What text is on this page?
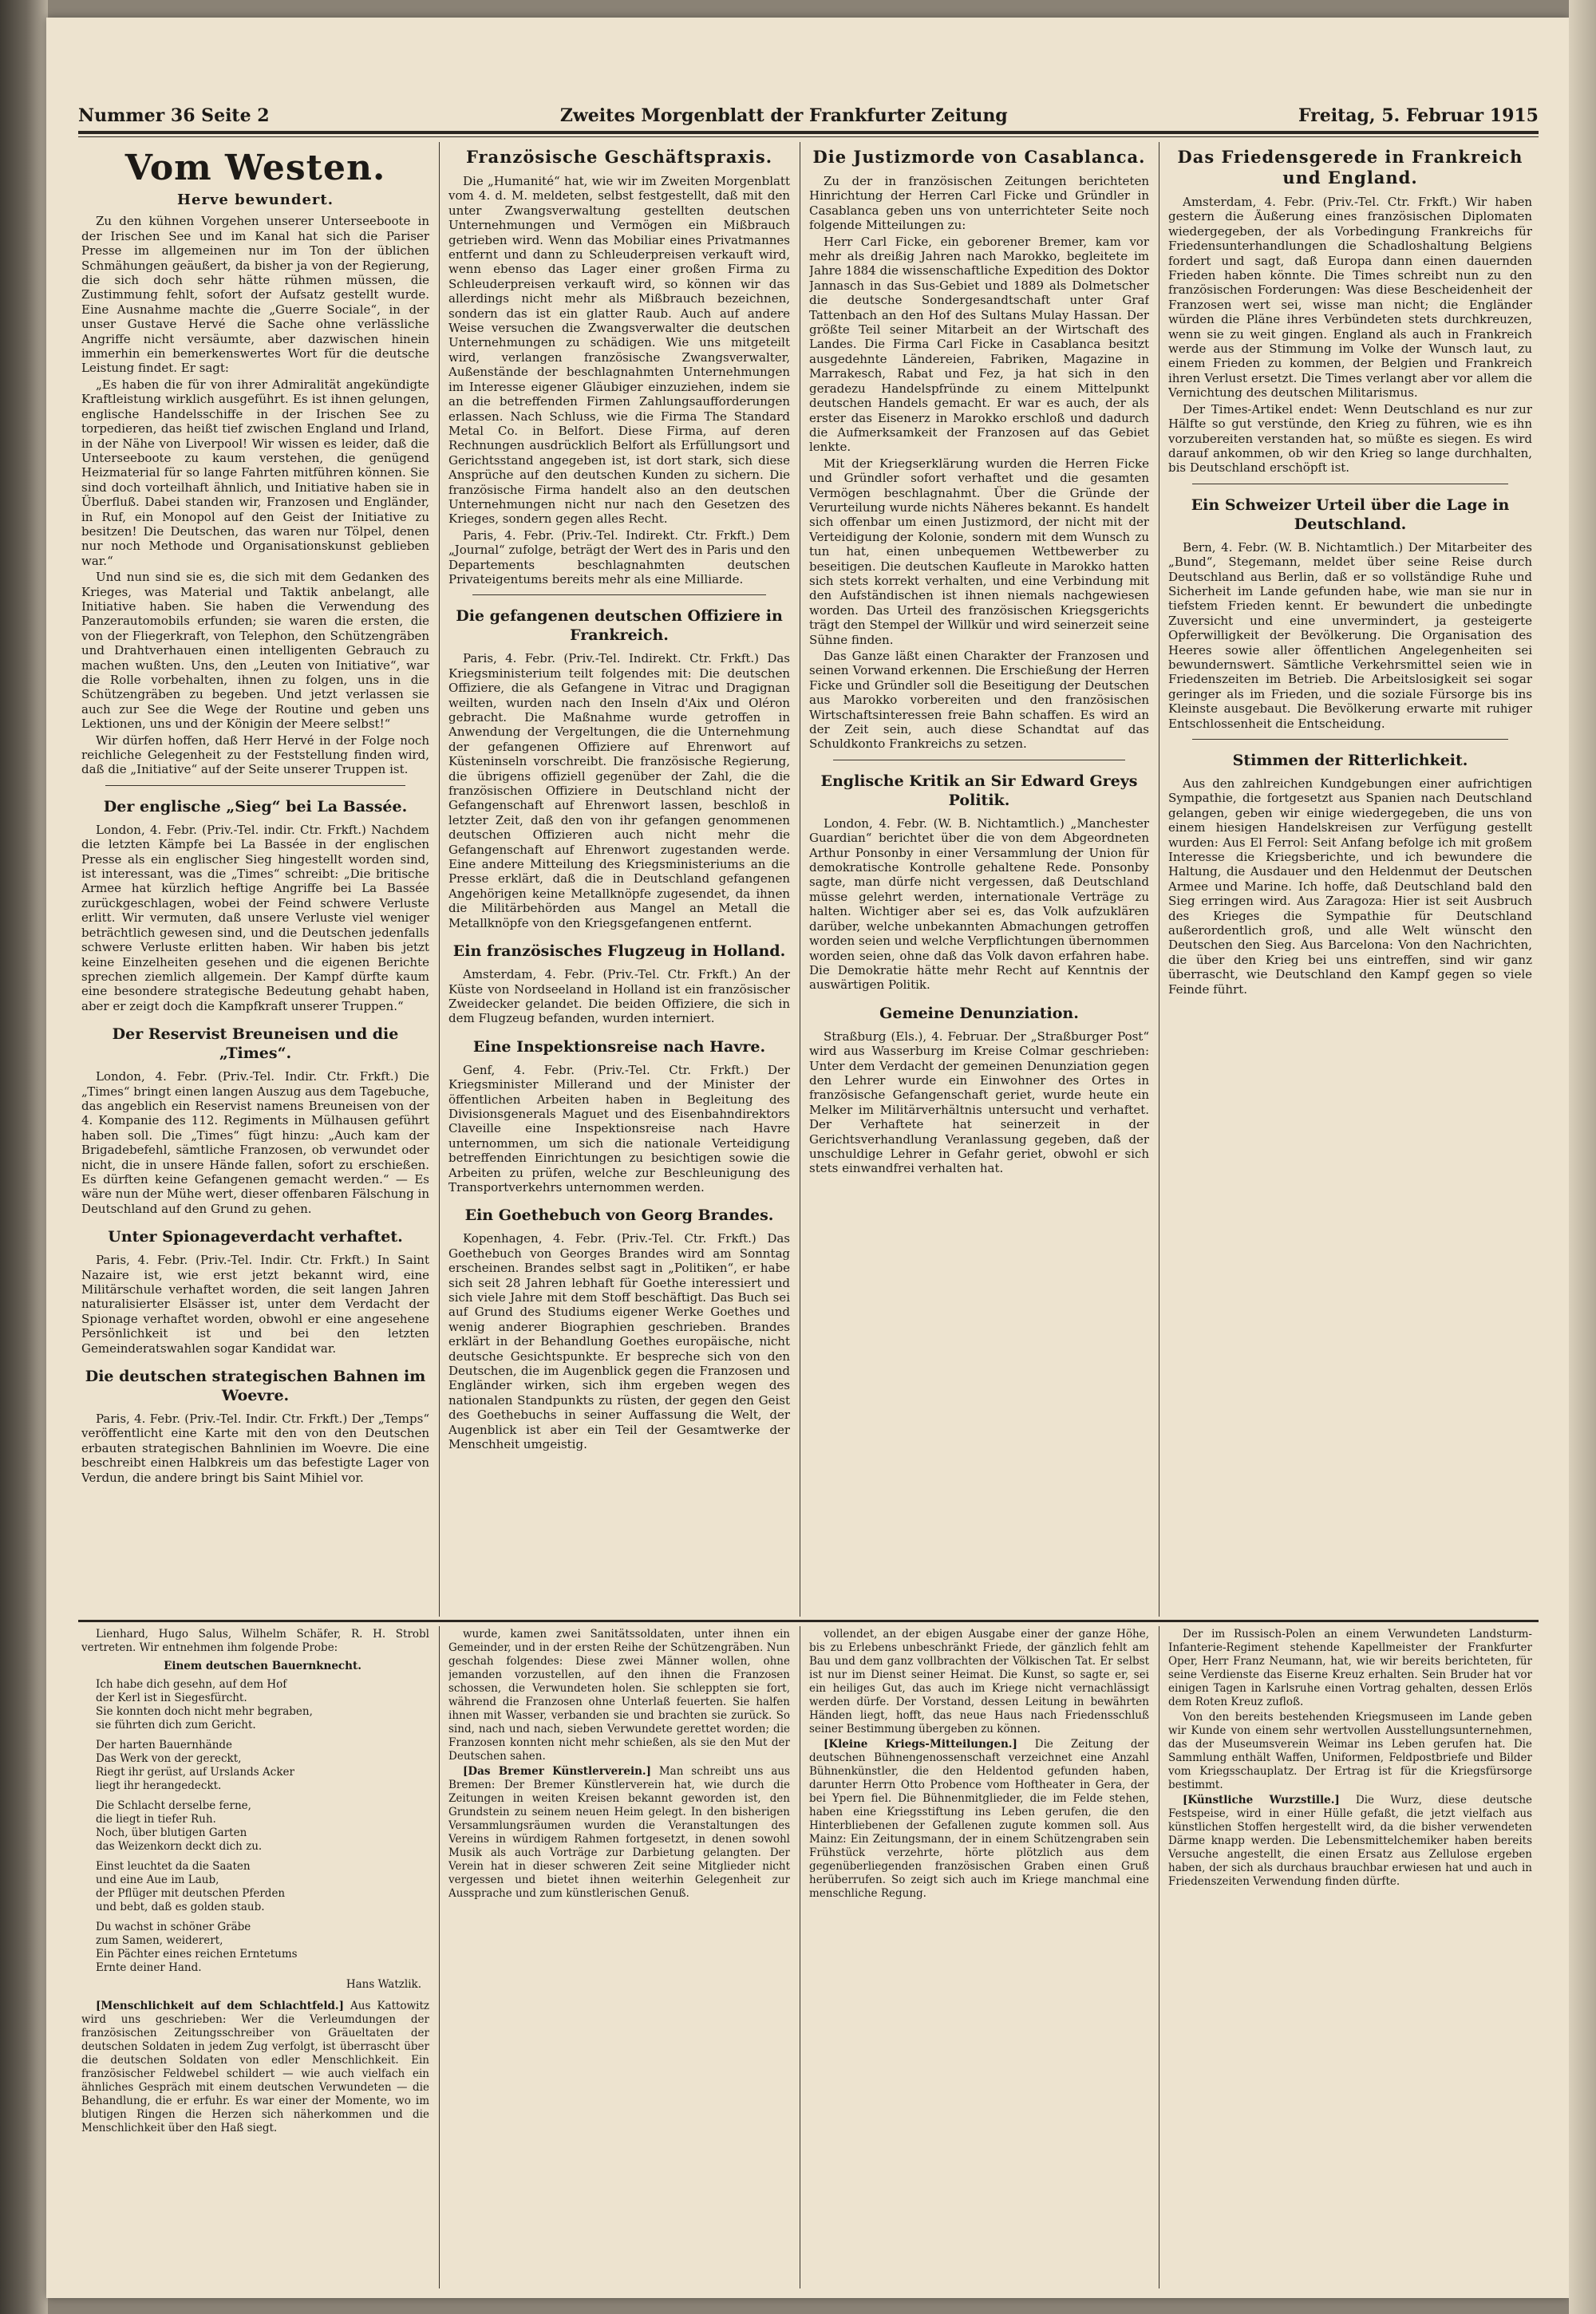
Nummer 36 Seite 2	Zweites Morgenblatt der Frankfurter Zeitung	Freitag, 5. Februar 1915
Vom Westen.
Herve bewundert.

Zu den kühnen Vorgehen unserer Unterseeboote in der Irischen See und im Kanal hat sich die Pariser Presse im allgemeinen nur im Ton der üblichen Schmähungen geäußert, da bisher ja von der Regierung, die sich doch sehr hätte rühmen müssen, die Zustimmung fehlt, sofort der Aufsatz gestellt wurde. Eine Ausnahme machte die „Guerre Sociale“, in der unser Gustave Hervé die Sache ohne verlässliche Angriffe nicht versäumte, aber dazwischen hinein immerhin ein bemerkenswertes Wort für die deutsche Leistung findet. Er sagt:

„Es haben die für von ihrer Admiralität angekündigte Kraftleistung wirklich ausgeführt. Es ist ihnen gelungen, englische Handelsschiffe in der Irischen See zu torpedieren, das heißt tief zwischen England und Irland, in der Nähe von Liverpool! Wir wissen es leider, daß die Unterseeboote zu kaum verstehen, die genügend Heizmaterial für so lange Fahrten mitführen können. Sie sind doch vorteilhaft ähnlich, und Initiative haben sie in Überfluß. Dabei standen wir, Franzosen und Engländer, in Ruf, ein Monopol auf den Geist der Initiative zu besitzen! Die Deutschen, das waren nur Tölpel, denen nur noch Methode und Organisationskunst geblieben war.“

Und nun sind sie es, die sich mit dem Gedanken des Krieges, was Material und Taktik anbelangt, alle Initiative haben. Sie haben die Verwendung des Panzerautomobils erfunden; sie waren die ersten, die von der Fliegerkraft, von Telephon, den Schützengräben und Drahtverhauen einen intelligenten Gebrauch zu machen wußten. Uns, den „Leuten von Initiative“, war die Rolle vorbehalten, ihnen zu folgen, uns in die Schützengräben zu begeben. Und jetzt verlassen sie auch zur See die Wege der Routine und geben uns Lektionen, uns und der Königin der Meere selbst!“

Wir dürfen hoffen, daß Herr Hervé in der Folge noch reichliche Gelegenheit zu der Feststellung finden wird, daß die „Initiative“ auf der Seite unserer Truppen ist.

Der englische „Sieg“ bei La Bassée.

London, 4. Febr. (Priv.-Tel. indir. Ctr. Frkft.) Nachdem die letzten Kämpfe bei La Bassée in der englischen Presse als ein englischer Sieg hingestellt worden sind, ist interessant, was die „Times“ schreibt: „Die britische Armee hat kürzlich heftige Angriffe bei La Bassée zurückgeschlagen, wobei der Feind schwere Verluste erlitt. Wir vermuten, daß unsere Verluste viel weniger beträchtlich gewesen sind, und die Deutschen jedenfalls schwere Verluste erlitten haben. Wir haben bis jetzt keine Einzelheiten gesehen und die eigenen Berichte sprechen ziemlich allgemein. Der Kampf dürfte kaum eine besondere strategische Bedeutung gehabt haben, aber er zeigt doch die Kampfkraft unserer Truppen.“

Der Reservist Breuneisen und die „Times“.

London, 4. Febr. (Priv.-Tel. Indir. Ctr. Frkft.) Die „Times“ bringt einen langen Auszug aus dem Tagebuche, das angeblich ein Reservist namens Breuneisen von der 4. Kompanie des 112. Regiments in Mülhausen geführt haben soll. Die „Times“ fügt hinzu: „Auch kam der Brigadebefehl, sämtliche Franzosen, ob verwundet oder nicht, die in unsere Hände fallen, sofort zu erschießen. Es dürften keine Gefangenen gemacht werden.“ — Es wäre nun der Mühe wert, dieser offenbaren Fälschung in Deutschland auf den Grund zu gehen.

Unter Spionageverdacht verhaftet.

Paris, 4. Febr. (Priv.-Tel. Indir. Ctr. Frkft.) In Saint Nazaire ist, wie erst jetzt bekannt wird, eine Militärschule verhaftet worden, die seit langen Jahren naturalisierter Elsässer ist, unter dem Verdacht der Spionage verhaftet worden, obwohl er eine angesehene Persönlichkeit ist und bei den letzten Gemeinderatswahlen sogar Kandidat war.

Die deutschen strategischen Bahnen im Woevre.

Paris, 4. Febr. (Priv.-Tel. Indir. Ctr. Frkft.) Der „Temps“ veröffentlicht eine Karte mit den von den Deutschen erbauten strategischen Bahnlinien im Woevre. Die eine beschreibt einen Halbkreis um das befestigte Lager von Verdun, die andere bringt bis Saint Mihiel vor.

Französische Geschäftspraxis.

Die „Humanité“ hat, wie wir im Zweiten Morgenblatt vom 4. d. M. meldeten, selbst festgestellt, daß mit den unter Zwangsverwaltung gestellten deutschen Unternehmungen und Vermögen ein Mißbrauch getrieben wird. Wenn das Mobiliar eines Privatmannes entfernt und dann zu Schleuderpreisen verkauft wird, wenn ebenso das Lager einer großen Firma zu Schleuderpreisen verkauft wird, so können wir das allerdings nicht mehr als Mißbrauch bezeichnen, sondern das ist ein glatter Raub. Auch auf andere Weise versuchen die Zwangsverwalter die deutschen Unternehmungen zu schädigen. Wie uns mitgeteilt wird, verlangen französische Zwangsverwalter, Außenstände der beschlagnahmten Unternehmungen im Interesse eigener Gläubiger einzuziehen, indem sie an die betreffenden Firmen Zahlungsaufforderungen erlassen. Nach Schluss, wie die Firma The Standard Metal Co. in Belfort. Diese Firma, auf deren Rechnungen ausdrücklich Belfort als Erfüllungsort und Gerichtsstand angegeben ist, ist dort stark, sich diese Ansprüche auf den deutschen Kunden zu sichern. Die französische Firma handelt also an den deutschen Unternehmungen nicht nur nach den Gesetzen des Krieges, sondern gegen alles Recht.

Paris, 4. Febr. (Priv.-Tel. Indirekt. Ctr. Frkft.) Dem „Journal“ zufolge, beträgt der Wert des in Paris und den Departements beschlagnahmten deutschen Privateigentums bereits mehr als eine Milliarde.

Die gefangenen deutschen Offiziere in Frankreich.

Paris, 4. Febr. (Priv.-Tel. Indirekt. Ctr. Frkft.) Das Kriegsministerium teilt folgendes mit: Die deutschen Offiziere, die als Gefangene in Vitrac und Dragignan weilten, wurden nach den Inseln d'Aix und Oléron gebracht. Die Maßnahme wurde getroffen in Anwendung der Vergeltungen, die die Unternehmung der gefangenen Offiziere auf Ehrenwort auf Küsteninseln vorschreibt. Die französische Regierung, die übrigens offiziell gegenüber der Zahl, die die französischen Offiziere in Deutschland nicht der Gefangenschaft auf Ehrenwort lassen, beschloß in letzter Zeit, daß den von ihr gefangen genommenen deutschen Offizieren auch nicht mehr die Gefangenschaft auf Ehrenwort zugestanden werde. Eine andere Mitteilung des Kriegsministeriums an die Presse erklärt, daß die in Deutschland gefangenen Angehörigen keine Metallknöpfe zugesendet, da ihnen die Militärbehörden aus Mangel an Metall die Metallknöpfe von den Kriegsgefangenen entfernt.

Ein französisches Flugzeug in Holland.

Amsterdam, 4. Febr. (Priv.-Tel. Ctr. Frkft.) An der Küste von Nordseeland in Holland ist ein französischer Zweidecker gelandet. Die beiden Offiziere, die sich in dem Flugzeug befanden, wurden interniert.

Eine Inspektionsreise nach Havre.

Genf, 4. Febr. (Priv.-Tel. Ctr. Frkft.) Der Kriegsminister Millerand und der Minister der öffentlichen Arbeiten haben in Begleitung des Divisionsgenerals Maguet und des Eisenbahndirektors Claveille eine Inspektionsreise nach Havre unternommen, um sich die nationale Verteidigung betreffenden Einrichtungen zu besichtigen sowie die Arbeiten zu prüfen, welche zur Beschleunigung des Transportverkehrs unternommen werden.

Ein Goethebuch von Georg Brandes.

Kopenhagen, 4. Febr. (Priv.-Tel. Ctr. Frkft.) Das Goethebuch von Georges Brandes wird am Sonntag erscheinen. Brandes selbst sagt in „Politiken“, er habe sich seit 28 Jahren lebhaft für Goethe interessiert und sich viele Jahre mit dem Stoff beschäftigt. Das Buch sei auf Grund des Studiums eigener Werke Goethes und wenig anderer Biographien geschrieben. Brandes erklärt in der Behandlung Goethes europäische, nicht deutsche Gesichtspunkte. Er bespreche sich von den Deutschen, die im Augenblick gegen die Franzosen und Engländer wirken, sich ihm ergeben wegen des nationalen Standpunkts zu rüsten, der gegen den Geist des Goethebuchs in seiner Auffassung die Welt, der Augenblick ist aber ein Teil der Gesamtwerke der Menschheit umgeistig.

Die Justizmorde von Casablanca.

Zu der in französischen Zeitungen berichteten Hinrichtung der Herren Carl Ficke und Gründler in Casablanca geben uns von unterrichteter Seite noch folgende Mitteilungen zu:

Herr Carl Ficke, ein geborener Bremer, kam vor mehr als dreißig Jahren nach Marokko, begleitete im Jahre 1884 die wissenschaftliche Expedition des Doktor Jannasch in das Sus-Gebiet und 1889 als Dolmetscher die deutsche Sondergesandtschaft unter Graf Tattenbach an den Hof des Sultans Mulay Hassan. Der größte Teil seiner Mitarbeit an der Wirtschaft des Landes. Die Firma Carl Ficke in Casablanca besitzt ausgedehnte Ländereien, Fabriken, Magazine in Marrakesch, Rabat und Fez, ja hat sich in den geradezu Handelspfründe zu einem Mittelpunkt deutschen Handels gemacht. Er war es auch, der als erster das Eisenerz in Marokko erschloß und dadurch die Aufmerksamkeit der Franzosen auf das Gebiet lenkte.

Mit der Kriegserklärung wurden die Herren Ficke und Gründler sofort verhaftet und die gesamten Vermögen beschlagnahmt. Über die Gründe der Verurteilung wurde nichts Näheres bekannt. Es handelt sich offenbar um einen Justizmord, der nicht mit der Verteidigung der Kolonie, sondern mit dem Wunsch zu tun hat, einen unbequemen Wettbewerber zu beseitigen. Die deutschen Kaufleute in Marokko hatten sich stets korrekt verhalten, und eine Verbindung mit den Aufständischen ist ihnen niemals nachgewiesen worden. Das Urteil des französischen Kriegsgerichts trägt den Stempel der Willkür und wird seinerzeit seine Sühne finden.

Das Ganze läßt einen Charakter der Franzosen und seinen Vorwand erkennen. Die Erschießung der Herren Ficke und Gründler soll die Beseitigung der Deutschen aus Marokko vorbereiten und den französischen Wirtschaftsinteressen freie Bahn schaffen. Es wird an der Zeit sein, auch diese Schandtat auf das Schuldkonto Frankreichs zu setzen.

Englische Kritik an Sir Edward Greys Politik.

London, 4. Febr. (W. B. Nichtamtlich.) „Manchester Guardian“ berichtet über die von dem Abgeordneten Arthur Ponsonby in einer Versammlung der Union für demokratische Kontrolle gehaltene Rede. Ponsonby sagte, man dürfe nicht vergessen, daß Deutschland müsse gelehrt werden, internationale Verträge zu halten. Wichtiger aber sei es, das Volk aufzuklären darüber, welche unbekannten Abmachungen getroffen worden seien und welche Verpflichtungen übernommen worden seien, ohne daß das Volk davon erfahren habe. Die Demokratie hätte mehr Recht auf Kenntnis der auswärtigen Politik.

Gemeine Denunziation.

Straßburg (Els.), 4. Februar. Der „Straßburger Post“ wird aus Wasserburg im Kreise Colmar geschrieben: Unter dem Verdacht der gemeinen Denunziation gegen den Lehrer wurde ein Einwohner des Ortes in französische Gefangenschaft geriet, wurde heute ein Melker im Militärverhältnis untersucht und verhaftet. Der Verhaftete hat seinerzeit in der Gerichtsverhandlung Veranlassung gegeben, daß der unschuldige Lehrer in Gefahr geriet, obwohl er sich stets einwandfrei verhalten hat.

Das Friedensgerede in Frankreich und England.

Amsterdam, 4. Febr. (Priv.-Tel. Ctr. Frkft.) Wir haben gestern die Äußerung eines französischen Diplomaten wiedergegeben, der als Vorbedingung Frankreichs für Friedensunterhandlungen die Schadloshaltung Belgiens fordert und sagt, daß Europa dann einen dauernden Frieden haben könnte. Die Times schreibt nun zu den französischen Forderungen: Was diese Bescheidenheit der Franzosen wert sei, wisse man nicht; die Engländer würden die Pläne ihres Verbündeten stets durchkreuzen, wenn sie zu weit gingen. England als auch in Frankreich werde aus der Stimmung im Volke der Wunsch laut, zu einem Frieden zu kommen, der Belgien und Frankreich ihren Verlust ersetzt. Die Times verlangt aber vor allem die Vernichtung des deutschen Militarismus.

Der Times-Artikel endet: Wenn Deutschland es nur zur Hälfte so gut verstünde, den Krieg zu führen, wie es ihn vorzubereiten verstanden hat, so müßte es siegen. Es wird darauf ankommen, ob wir den Krieg so lange durchhalten, bis Deutschland erschöpft ist.

Ein Schweizer Urteil über die Lage in Deutschland.

Bern, 4. Febr. (W. B. Nichtamtlich.) Der Mitarbeiter des „Bund“, Stegemann, meldet über seine Reise durch Deutschland aus Berlin, daß er so vollständige Ruhe und Sicherheit im Lande gefunden habe, wie man sie nur in tiefstem Frieden kennt. Er bewundert die unbedingte Zuversicht und eine unvermindert, ja gesteigerte Opferwilligkeit der Bevölkerung. Die Organisation des Heeres sowie aller öffentlichen Angelegenheiten sei bewundernswert. Sämtliche Verkehrsmittel seien wie in Friedenszeiten im Betrieb. Die Arbeitslosigkeit sei sogar geringer als im Frieden, und die soziale Fürsorge bis ins Kleinste ausgebaut. Die Bevölkerung erwarte mit ruhiger Entschlossenheit die Entscheidung.

Stimmen der Ritterlichkeit.

Aus den zahlreichen Kundgebungen einer aufrichtigen Sympathie, die fortgesetzt aus Spanien nach Deutschland gelangen, geben wir einige wiedergegeben, die uns von einem hiesigen Handelskreisen zur Verfügung gestellt wurden: Aus El Ferrol: Seit Anfang befolge ich mit großem Interesse die Kriegsberichte, und ich bewundere die Haltung, die Ausdauer und den Heldenmut der Deutschen Armee und Marine. Ich hoffe, daß Deutschland bald den Sieg erringen wird. Aus Zaragoza: Hier ist seit Ausbruch des Krieges die Sympathie für Deutschland außerordentlich groß, und alle Welt wünscht den Deutschen den Sieg. Aus Barcelona: Von den Nachrichten, die über den Krieg bei uns eintreffen, sind wir ganz überrascht, wie Deutschland den Kampf gegen so viele Feinde führt.

Lienhard, Hugo Salus, Wilhelm Schäfer, R. H. Strobl vertreten. Wir entnehmen ihm folgende Probe:

Einem deutschen Bauernknecht.
Ich habe dich gesehn, auf dem Hof
der Kerl ist in Siegesfürcht.
Sie konnten doch nicht mehr begraben,
sie führten dich zum Gericht.
Der harten Bauernhände
Das Werk von der gereckt,
Riegt ihr gerüst, auf Urslands Acker
liegt ihr herangedeckt.
Die Schlacht derselbe ferne,
die liegt in tiefer Ruh.
Noch, über blutigen Garten
das Weizenkorn deckt dich zu.
Einst leuchtet da die Saaten
und eine Aue im Laub,
der Pflüger mit deutschen Pferden
und bebt, daß es golden staub.
Du wachst in schöner Gräbe
zum Samen, weiderert,
Ein Pächter eines reichen Erntetums
Ernte deiner Hand.
Hans Watzlik.

[Menschlichkeit auf dem Schlachtfeld.] Aus Kattowitz wird uns geschrieben: Wer die Verleumdungen der französischen Zeitungsschreiber von Gräueltaten der deutschen Soldaten in jedem Zug verfolgt, ist überrascht über die deutschen Soldaten von edler Menschlichkeit. Ein französischer Feldwebel schildert — wie auch vielfach ein ähnliches Gespräch mit einem deutschen Verwundeten — die Behandlung, die er erfuhr. Es war einer der Momente, wo im blutigen Ringen die Herzen sich näherkommen und die Menschlichkeit über den Haß siegt.

wurde, kamen zwei Sanitätssoldaten, unter ihnen ein Gemeinder, und in der ersten Reihe der Schützengräben. Nun geschah folgendes: Diese zwei Männer wollen, ohne jemanden vorzustellen, auf den ihnen die Franzosen schossen, die Verwundeten holen. Sie schleppten sie fort, während die Franzosen ohne Unterlaß feuerten. Sie halfen ihnen mit Wasser, verbanden sie und brachten sie zurück. So sind, nach und nach, sieben Verwundete gerettet worden; die Franzosen konnten nicht mehr schießen, als sie den Mut der Deutschen sahen.

[Das Bremer Künstlerverein.] Man schreibt uns aus Bremen: Der Bremer Künstlerverein hat, wie durch die Zeitungen in weiten Kreisen bekannt geworden ist, den Grundstein zu seinem neuen Heim gelegt. In den bisherigen Versammlungsräumen wurden die Veranstaltungen des Vereins in würdigem Rahmen fortgesetzt, in denen sowohl Musik als auch Vorträge zur Darbietung gelangten. Der Verein hat in dieser schweren Zeit seine Mitglieder nicht vergessen und bietet ihnen weiterhin Gelegenheit zur Aussprache und zum künstlerischen Genuß.

vollendet, an der ebigen Ausgabe einer der ganze Höhe, bis zu Erlebens unbeschränkt Friede, der gänzlich fehlt am Bau und dem ganz vollbrachten der Völkischen Tat. Er selbst ist nur im Dienst seiner Heimat. Die Kunst, so sagte er, sei ein heiliges Gut, das auch im Kriege nicht vernachlässigt werden dürfe. Der Vorstand, dessen Leitung in bewährten Händen liegt, hofft, das neue Haus nach Friedensschluß seiner Bestimmung übergeben zu können.

[Kleine Kriegs-Mitteilungen.] Die Zeitung der deutschen Bühnengenossenschaft verzeichnet eine Anzahl Bühnenkünstler, die den Heldentod gefunden haben, darunter Herrn Otto Probence vom Hoftheater in Gera, der bei Ypern fiel. Die Bühnenmitglieder, die im Felde stehen, haben eine Kriegsstiftung ins Leben gerufen, die den Hinterbliebenen der Gefallenen zugute kommen soll. Aus Mainz: Ein Zeitungsmann, der in einem Schützengraben sein Frühstück verzehrte, hörte plötzlich aus dem gegenüberliegenden französischen Graben einen Gruß herüberrufen. So zeigt sich auch im Kriege manchmal eine menschliche Regung.

Der im Russisch-Polen an einem Verwundeten Landsturm-Infanterie-Regiment stehende Kapellmeister der Frankfurter Oper, Herr Franz Neumann, hat, wie wir bereits berichteten, für seine Verdienste das Eiserne Kreuz erhalten. Sein Bruder hat vor einigen Tagen in Karlsruhe einen Vortrag gehalten, dessen Erlös dem Roten Kreuz zufloß.

Von den bereits bestehenden Kriegsmuseen im Lande geben wir Kunde von einem sehr wertvollen Ausstellungsunternehmen, das der Museumsverein Weimar ins Leben gerufen hat. Die Sammlung enthält Waffen, Uniformen, Feldpostbriefe und Bilder vom Kriegsschauplatz. Der Ertrag ist für die Kriegsfürsorge bestimmt.

[Künstliche Wurzstille.] Die Wurz, diese deutsche Festspeise, wird in einer Hülle gefaßt, die jetzt vielfach aus künstlichen Stoffen hergestellt wird, da die bisher verwendeten Därme knapp werden. Die Lebensmittelchemiker haben bereits Versuche angestellt, die einen Ersatz aus Zellulose ergeben haben, der sich als durchaus brauchbar erwiesen hat und auch in Friedenszeiten Verwendung finden dürfte.
